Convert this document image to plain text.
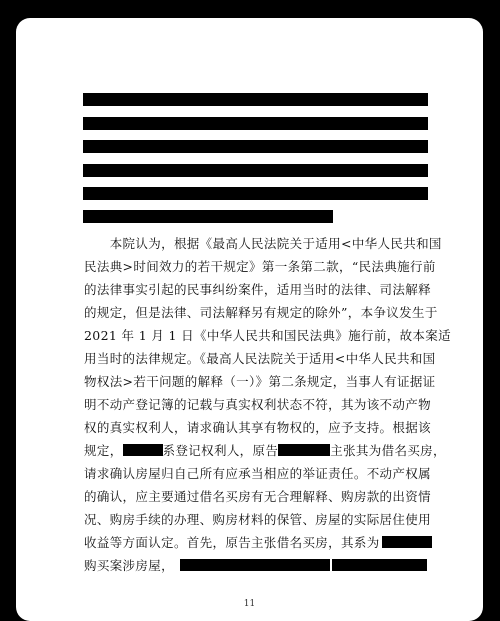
　　本院认为，根据《最高人民法院关于适用<中华人民共和国
民法典>时间效力的若干规定》第一条第二款，“民法典施行前
的法律事实引起的民事纠纷案件，适用当时的法律、司法解释
的规定，但是法律、司法解释另有规定的除外”，本争议发生于
2021 年 1 月 1 日《中华人民共和国民法典》施行前，故本案适
用当时的法律规定。《最高人民法院关于适用<中华人民共和国
物权法>若干问题的解释（一）》第二条规定，当事人有证据证
明不动产登记簿的记载与真实权利状态不符，其为该不动产物
权的真实权利人，请求确认其享有物权的，应予支持。根据该
规定，	系登记权利人，原告	主张其为借名买房，
请求确认房屋归自己所有应承当相应的举证责任。不动产权属
的确认，应主要通过借名买房有无合理解释、购房款的出资情
况、购房手续的办理、购房材料的保管、房屋的实际居住使用
收益等方面认定。首先，原告主张借名买房，其系为
购买案涉房屋，
11
